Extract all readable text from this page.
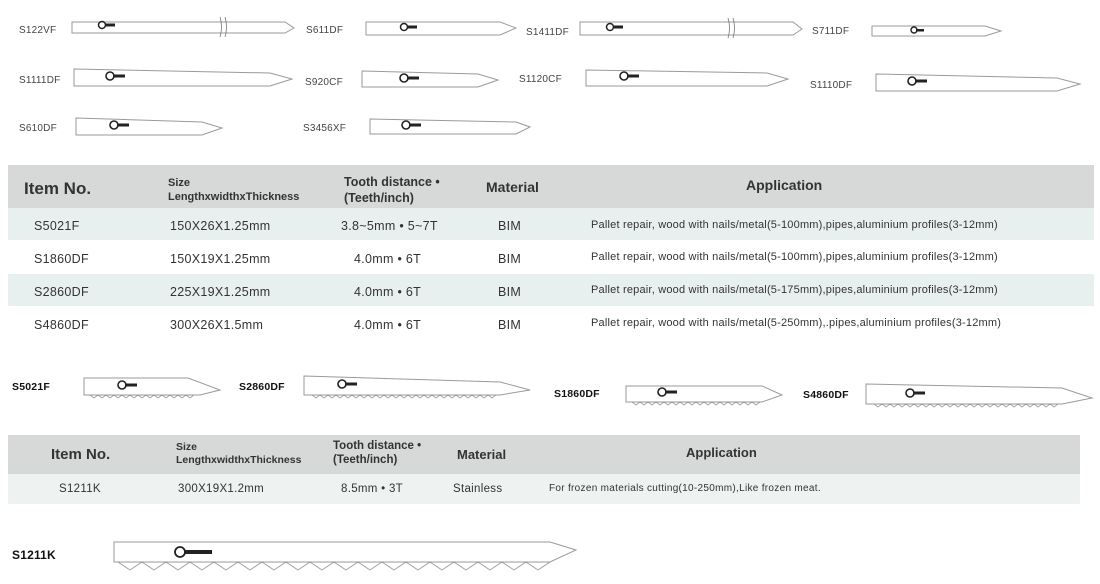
S122VF	S611DF	S1411DF	S711DF
S1111DF	S920CF	S1120CF
S1110DF
S610DF	S3456XF
Item No.	Size
LengthxwidthxThickness
Tooth distance •
(Teeth/inch)
Material	Application
S5021F	150X26X1.25mm	3.8~5mm • 5~7T	BIM	Pallet repair, wood with nails/metal(5-100mm),pipes,aluminium profiles(3-12mm)
S1860DF	150X19X1.25mm	4.0mm • 6T	BIM	Pallet repair, wood with nails/metal(5-100mm),pipes,aluminium profiles(3-12mm)
S2860DF	225X19X1.25mm	4.0mm • 6T	BIM	Pallet repair, wood with nails/metal(5-175mm),pipes,aluminium profiles(3-12mm)
S4860DF	300X26X1.5mm	4.0mm • 6T	BIM	Pallet repair, wood with nails/metal(5-250mm),.pipes,aluminium profiles(3-12mm)
S5021F	S2860DF
S1860DF	S4860DF
Item No.	Size
LengthxwidthxThickness
Tooth distance •
(Teeth/inch)	Material	Application
S1211K	300X19X1.2mm	8.5mm • 3T	Stainless	For frozen materials cutting(10-250mm),Like frozen meat.
S1211K
